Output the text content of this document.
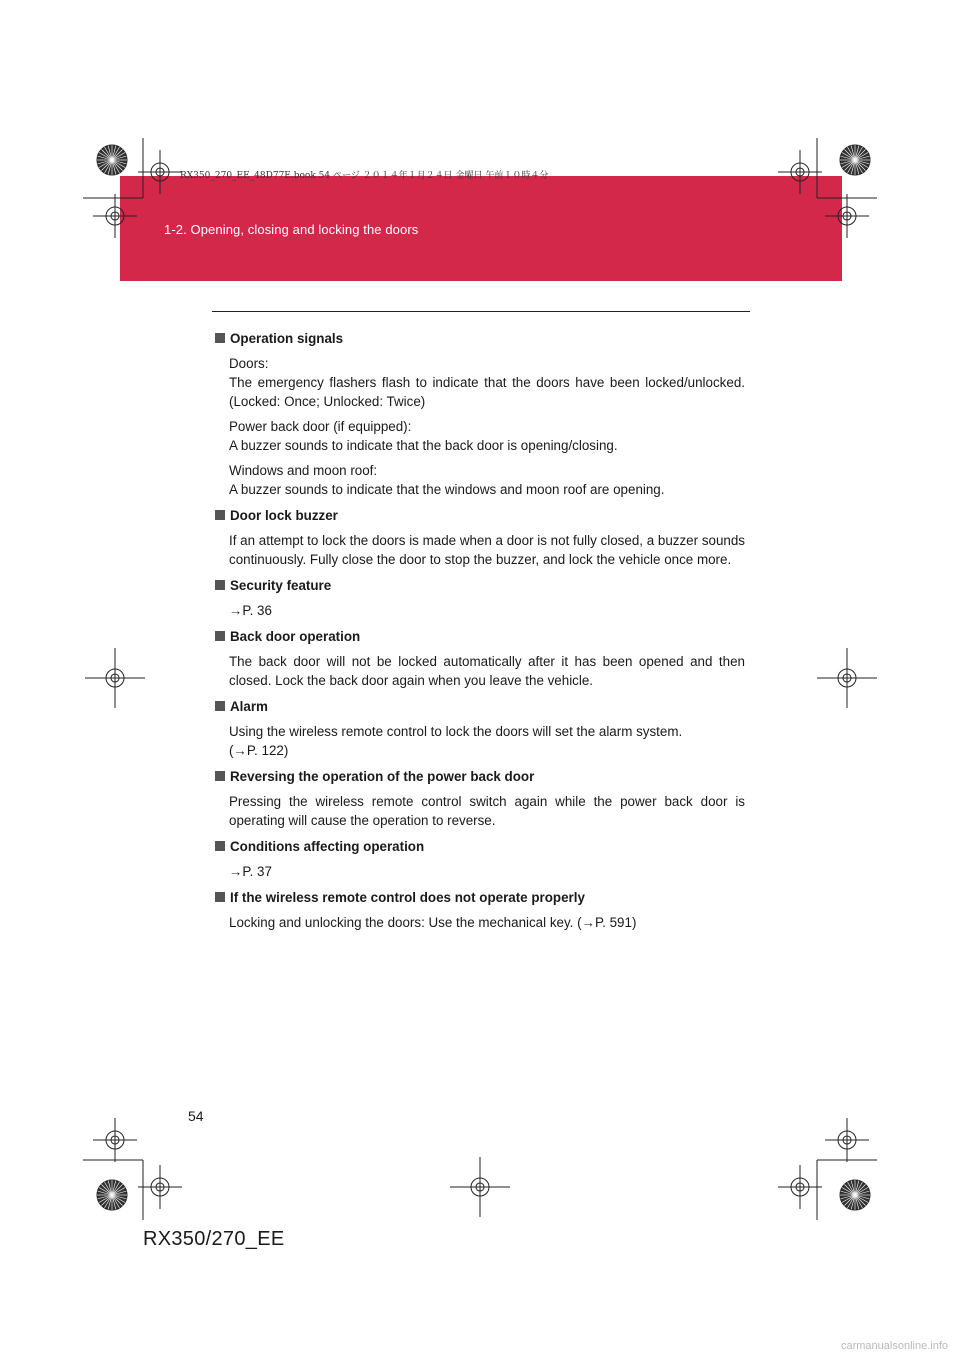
1-2. Opening, closing and locking the doors
RX350_270_EE_48D77E.book 54 ページ ２０１４年１月２４日 金曜日 午前１０時４分
Operation signals
Doors:
The emergency flashers flash to indicate that the doors have been locked/unlocked. (Locked: Once; Unlocked: Twice)
Power back door (if equipped):
A buzzer sounds to indicate that the back door is opening/closing.
Windows and moon roof:
A buzzer sounds to indicate that the windows and moon roof are opening.
Door lock buzzer
If an attempt to lock the doors is made when a door is not fully closed, a buzzer sounds continuously. Fully close the door to stop the buzzer, and lock the vehicle once more.
Security feature
→P. 36
Back door operation
The back door will not be locked automatically after it has been opened and then closed. Lock the back door again when you leave the vehicle.
Alarm
Using the wireless remote control to lock the doors will set the alarm system.
(→P. 122)
Reversing the operation of the power back door
Pressing the wireless remote control switch again while the power back door is operating will cause the operation to reverse.
Conditions affecting operation
→P. 37
If the wireless remote control does not operate properly
Locking and unlocking the doors: Use the mechanical key. (→P. 591)
54
RX350/270_EE
carmanualsonline.info
